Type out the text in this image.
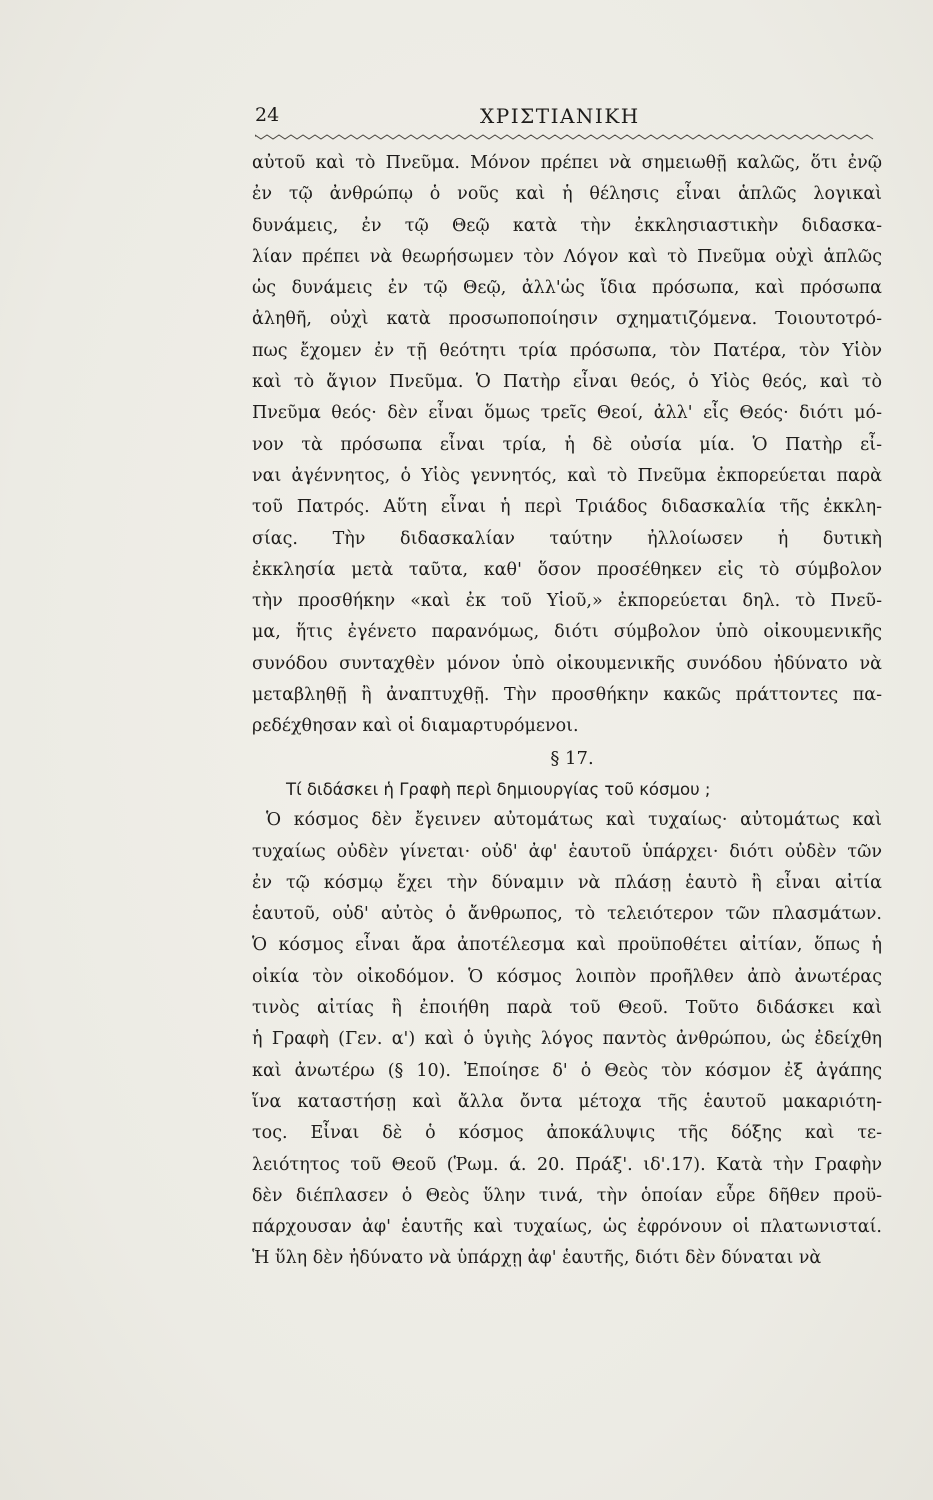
24	ΧΡΙΣΤΙΑΝΙΚΗ
αὐτοῦ καὶ τὸ Πνεῦμα. Μόνον πρέπει νὰ σημειωθῇ καλῶς, ὅτι ἐνῷ
ἐν τῷ ἀνθρώπῳ ὁ νοῦς καὶ ἡ θέλησις εἶναι ἁπλῶς λογικαὶ
δυνάμεις, ἐν τῷ Θεῷ κατὰ τὴν ἐκκλησιαστικὴν διδασκα-
λίαν πρέπει νὰ θεωρήσωμεν τὸν Λόγον καὶ τὸ Πνεῦμα οὐχὶ ἁπλῶς
ὡς δυνάμεις ἐν τῷ Θεῷ, ἀλλ'ὡς ἴδια πρόσωπα, καὶ πρόσωπα
ἀληθῆ, οὐχὶ κατὰ προσωποποίησιν σχηματιζόμενα. Τοιουτοτρό-
πως ἔχομεν ἐν τῇ θεότητι τρία πρόσωπα, τὸν Πατέρα, τὸν Υἱὸν
καὶ τὸ ἅγιον Πνεῦμα. Ὁ Πατὴρ εἶναι θεός, ὁ Υἱὸς θεός, καὶ τὸ
Πνεῦμα θεός· δὲν εἶναι ὅμως τρεῖς Θεοί, ἀλλ' εἷς Θεός· διότι μό-
νον τὰ πρόσωπα εἶναι τρία, ἡ δὲ οὐσία μία. Ὁ Πατὴρ εἶ-
ναι ἀγέννητος, ὁ Υἱὸς γεννητός, καὶ τὸ Πνεῦμα ἐκπορεύεται παρὰ
τοῦ Πατρός. Αὕτη εἶναι ἡ περὶ Τριάδος διδασκαλία τῆς ἐκκλη-
σίας. Τὴν διδασκαλίαν ταύτην ἠλλοίωσεν ἡ δυτικὴ
ἐκκλησία μετὰ ταῦτα, καθ' ὅσον προσέθηκεν εἰς τὸ σύμβολον
τὴν προσθήκην «καὶ ἐκ τοῦ Υἱοῦ,» ἐκπορεύεται δηλ. τὸ Πνεῦ-
μα, ἥτις ἐγένετο παρανόμως, διότι σύμβολον ὑπὸ οἰκουμενικῆς
συνόδου συνταχθὲν μόνον ὑπὸ οἰκουμενικῆς συνόδου ἠδύνατο νὰ
μεταβληθῇ ἢ ἀναπτυχθῇ. Τὴν προσθήκην κακῶς πράττοντες πα-
ρεδέχθησαν καὶ οἱ διαμαρτυρόμενοι.
§ 17.
Τί διδάσκει ἡ Γραφὴ περὶ δημιουργίας τοῦ κόσμου ;
Ὁ κόσμος δὲν ἔγεινεν αὐτομάτως καὶ τυχαίως· αὐτομάτως καὶ
τυχαίως οὐδὲν γίνεται· οὐδ' ἀφ' ἑαυτοῦ ὑπάρχει· διότι οὐδὲν τῶν
ἐν τῷ κόσμῳ ἔχει τὴν δύναμιν νὰ πλάσῃ ἑαυτὸ ἢ εἶναι αἰτία
ἑαυτοῦ, οὐδ' αὐτὸς ὁ ἄνθρωπος, τὸ τελειότερον τῶν πλασμάτων.
Ὁ κόσμος εἶναι ἄρα ἀποτέλεσμα καὶ προϋποθέτει αἰτίαν, ὅπως ἡ
οἰκία τὸν οἰκοδόμον. Ὁ κόσμος λοιπὸν προῆλθεν ἀπὸ ἀνωτέρας
τινὸς αἰτίας ἢ ἐποιήθη παρὰ τοῦ Θεοῦ. Τοῦτο διδάσκει καὶ
ἡ Γραφὴ (Γεν. α') καὶ ὁ ὑγιὴς λόγος παντὸς ἀνθρώπου, ὡς ἐδείχθη
καὶ ἀνωτέρω (§ 10). Ἐποίησε δ' ὁ Θεὸς τὸν κόσμον ἐξ ἀγάπης
ἵνα καταστήσῃ καὶ ἄλλα ὄντα μέτοχα τῆς ἑαυτοῦ μακαριότη-
τος. Εἶναι δὲ ὁ κόσμος ἀποκάλυψις τῆς δόξης καὶ τε-
λειότητος τοῦ Θεοῦ (Ῥωμ. ά. 20. Πράξ'. ιδ'.17). Κατὰ τὴν Γραφὴν
δὲν διέπλασεν ὁ Θεὸς ὕλην τινά, τὴν ὁποίαν εὗρε δῆθεν προϋ-
πάρχουσαν ἀφ' ἑαυτῆς καὶ τυχαίως, ὡς ἐφρόνουν οἱ πλατωνισταί.
Ἡ ὕλη δὲν ἠδύνατο νὰ ὑπάρχῃ ἀφ' ἑαυτῆς, διότι δὲν δύναται νὰ
